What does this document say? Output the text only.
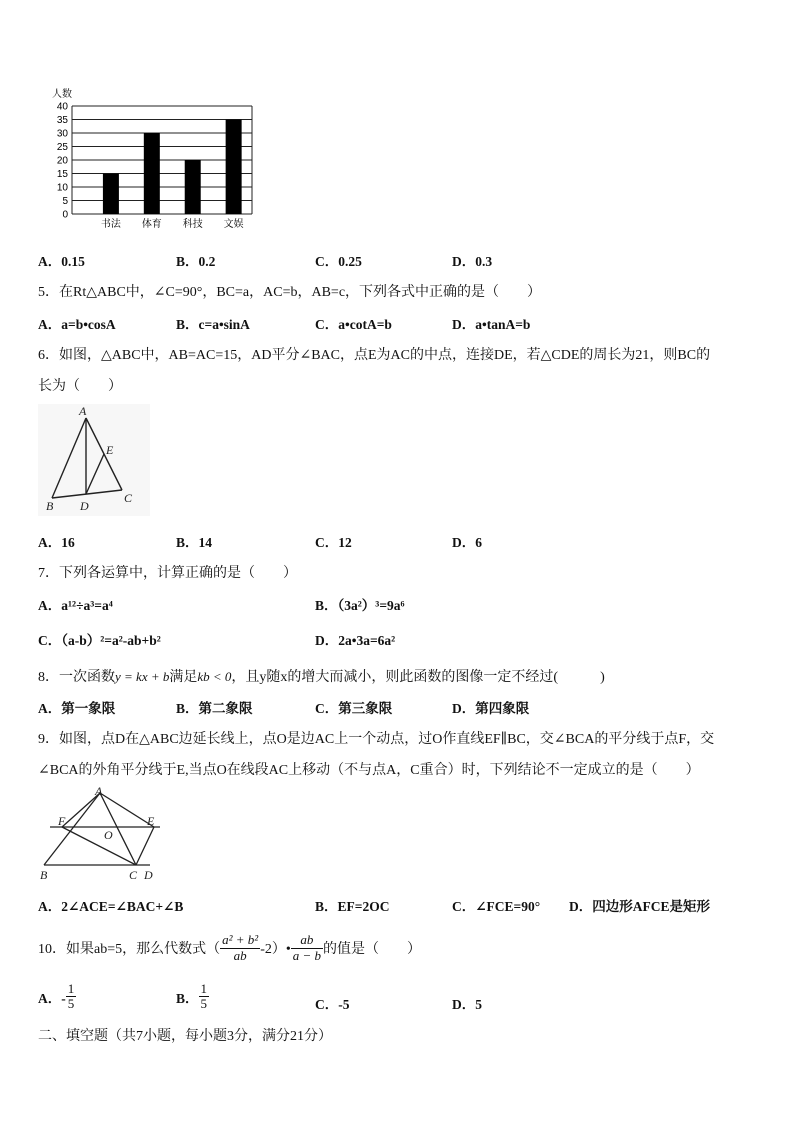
0
5
10
15
20
25
30
35
40
书法 体育 科技 文娱
人数
A．0.15	B．0.2	C．0.25	D．0.3
5．在Rt△ABC中，∠C=90°，BC=a，AC=b，AB=c，下列各式中正确的是（　　）
A．a=b•cosA	B．c=a•sinA	C．a•cotA=b	D．a•tanA=b
6．如图，△ABC中，AB=AC=15，AD平分∠BAC，点E为AC的中点，连接DE，若△CDE的周长为21，则BC的
长为（　　）
A
E
B D
C
A．16	B．14	C．12	D．6
7．下列各运算中，计算正确的是（　　）
A．a¹²÷a³=a⁴	B．（3a²）³=9a⁶
C．（a-b）²=a²-ab+b²	D．2a•3a=6a²
8．一次函数y = kx + b满足kb < 0，且y随x的增大而减小，则此函数的图像一定不经过(　　　)
A．第一象限	B．第二象限	C．第三象限	D．第四象限
9．如图，点D在△ABC边延长线上，点O是边AC上一个动点，过O作直线EF∥BC，交∠BCA的平分线于点F，交
∠BCA的外角平分线于E,当点O在线段AC上移动（不与点A，C重合）时，下列结论不一定成立的是（　　）
A
F	E
O
B	C D
A．2∠ACE=∠BAC+∠B	B．EF=2OC	C．∠FCE=90° D．四边形AFCE是矩形
10．如果ab=5，那么代数式（ $\frac{\text{a² + b²}}{ab}$ -2）• $\frac{ab}{a - b}$ 的值是（　　）
A．- $\frac{1}{5}$	B． $\frac{1}{5}$	C．-5	D．5
二、填空题（共7小题，每小题3分，满分21分）
